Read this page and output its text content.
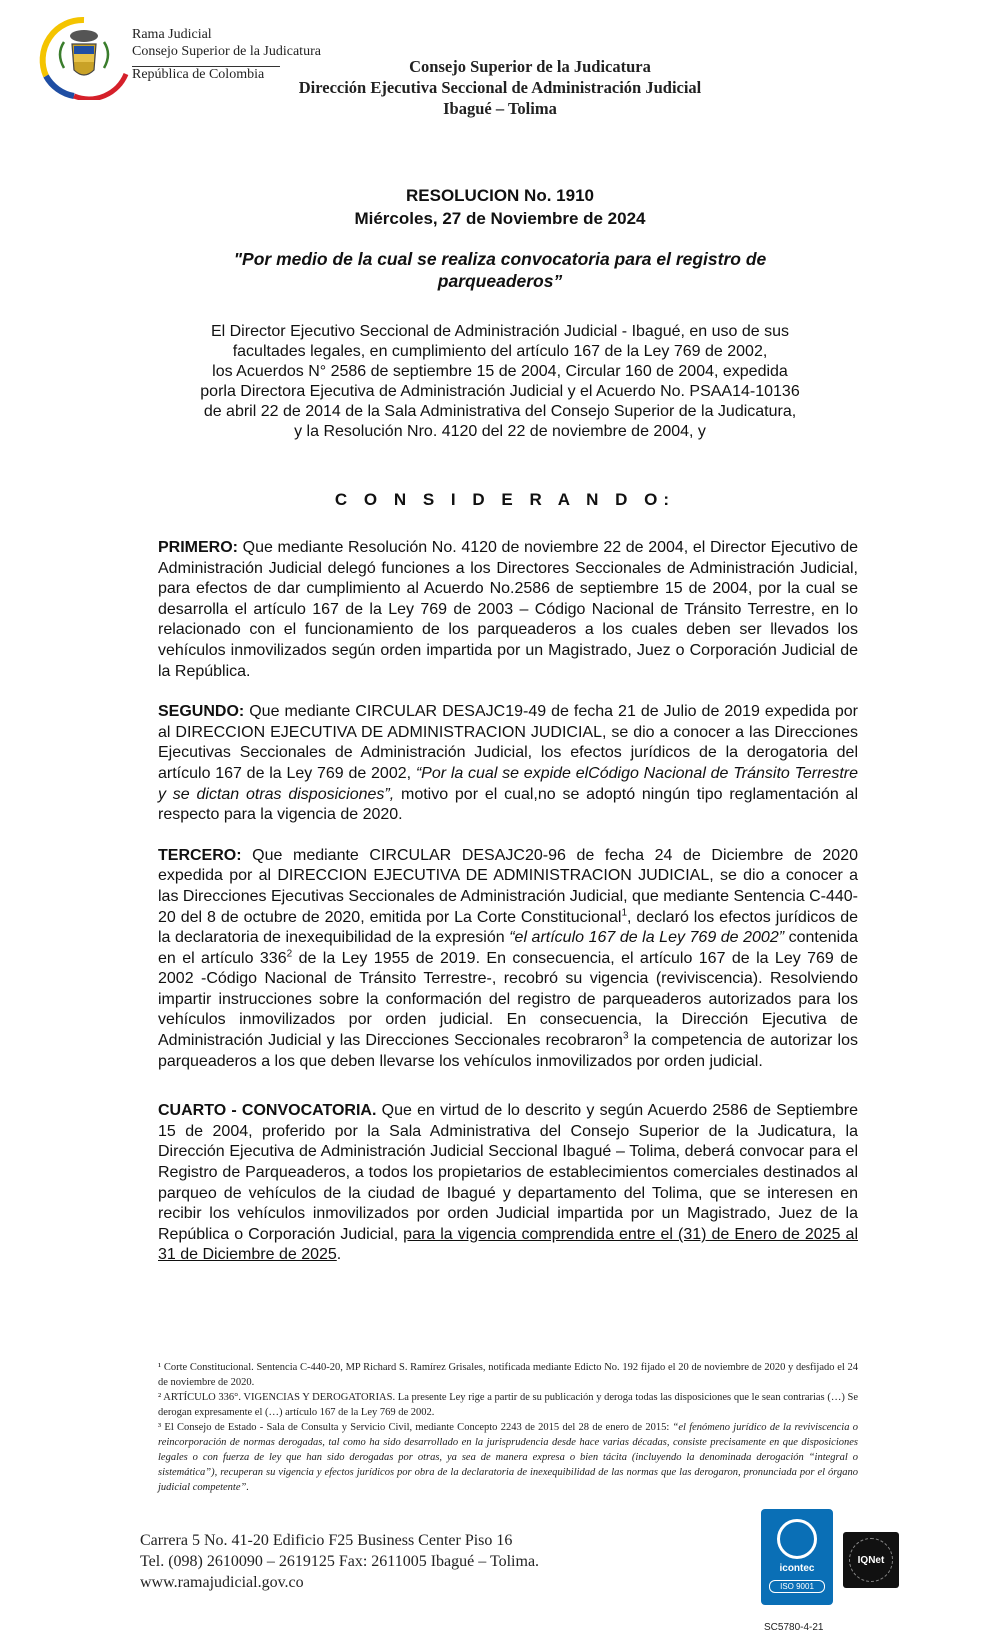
Rama Judicial
Consejo Superior de la Judicatura
República de Colombia	Consejo Superior de la Judicatura
Dirección Ejecutiva Seccional de Administración Judicial
Ibagué – Tolima
RESOLUCION No. 1910
Miércoles, 27 de Noviembre de 2024
"Por medio de la cual se realiza convocatoria para el registro de parqueaderos”
El Director Ejecutivo Seccional de Administración Judicial - Ibagué, en uso de sus
facultades legales, en cumplimiento del artículo 167 de la Ley 769 de 2002,
los Acuerdos N° 2586 de septiembre 15 de 2004, Circular 160 de 2004, expedida
porla Directora Ejecutiva de Administración Judicial y el Acuerdo No. PSAA14-10136
de abril 22 de 2014 de la Sala Administrativa del Consejo Superior de la Judicatura,
y la Resolución Nro. 4120 del 22 de noviembre de 2004, y
C O N S I D E R A N D O:

PRIMERO: Que mediante Resolución No. 4120 de noviembre 22 de 2004, el Director Ejecutivo de Administración Judicial delegó funciones a los Directores Seccionales de Administración Judicial, para efectos de dar cumplimiento al Acuerdo No.2586 de septiembre 15 de 2004, por la cual se desarrolla el artículo 167 de la Ley 769 de 2003 – Código Nacional de Tránsito Terrestre, en lo relacionado con el funcionamiento de los parqueaderos a los cuales deben ser llevados los vehículos inmovilizados según orden impartida por un Magistrado, Juez o Corporación Judicial de la República.

SEGUNDO: Que mediante CIRCULAR DESAJC19-49 de fecha 21 de Julio de 2019 expedida por al DIRECCION EJECUTIVA DE ADMINISTRACION JUDICIAL, se dio a conocer a las Direcciones Ejecutivas Seccionales de Administración Judicial, los efectos jurídicos de la derogatoria del artículo 167 de la Ley 769 de 2002, “Por la cual se expide elCódigo Nacional de Tránsito Terrestre y se dictan otras disposiciones”, motivo por el cual,no se adoptó ningún tipo reglamentación al respecto para la vigencia de 2020.

TERCERO: Que mediante CIRCULAR DESAJC20-96 de fecha 24 de Diciembre de 2020 expedida por al DIRECCION EJECUTIVA DE ADMINISTRACION JUDICIAL, se dio a conocer a las Direcciones Ejecutivas Seccionales de Administración Judicial, que mediante Sentencia C-440-20 del 8 de octubre de 2020, emitida por La Corte Constitucional$^1$, declaró los efectos jurídicos de la declaratoria de inexequibilidad de la expresión “el artículo 167 de la Ley 769 de 2002” contenida en el artículo $336^2$ de la Ley 1955 de 2019. En consecuencia, el artículo 167 de la Ley 769 de 2002 -Código Nacional de Tránsito Terrestre-, recobró su vigencia (reviviscencia). Resolviendo impartir instrucciones sobre la conformación del registro de parqueaderos autorizados para los vehículos inmovilizados por orden judicial. En consecuencia, la Dirección Ejecutiva de Administración Judicial y las Direcciones Seccionales recobraron$^3$ la competencia de autorizar los parqueaderos a los que deben llevarse los vehículos inmovilizados por orden judicial.

CUARTO - CONVOCATORIA. Que en virtud de lo descrito y según Acuerdo 2586 de Septiembre 15 de 2004, proferido por la Sala Administrativa del Consejo Superior de la Judicatura, la Dirección Ejecutiva de Administración Judicial Seccional Ibagué – Tolima, deberá convocar para el Registro de Parqueaderos, a todos los propietarios de establecimientos comerciales destinados al parqueo de vehículos de la ciudad de Ibagué y departamento del Tolima, que se interesen en recibir los vehículos inmovilizados por orden Judicial impartida por un Magistrado, Juez de la República o Corporación Judicial, para la vigencia comprendida entre el (31) de Enero de 2025 al 31 de Diciembre de 2025.

¹ Corte Constitucional. Sentencia C-440-20, MP Richard S. Ramírez Grisales, notificada mediante Edicto No. 192 fijado el 20 de noviembre de 2020 y desfijado el 24 de noviembre de 2020.

² ARTÍCULO 336°. VIGENCIAS Y DEROGATORIAS. La presente Ley rige a partir de su publicación y deroga todas las disposiciones que le sean contrarias (…) Se derogan expresamente el (…) artículo 167 de la Ley 769 de 2002.

³ El Consejo de Estado - Sala de Consulta y Servicio Civil, mediante Concepto 2243 de 2015 del 28 de enero de 2015: “el fenómeno jurídico de la reviviscencia o reincorporación de normas derogadas, tal como ha sido desarrollado en la jurisprudencia desde hace varias décadas, consiste precisamente en que disposiciones legales o con fuerza de ley que han sido derogadas por otras, ya sea de manera expresa o bien tácita (incluyendo la denominada derogación “integral o sistemática”), recuperan su vigencia y efectos jurídicos por obra de la declaratoria de inexequibilidad de las normas que las derogaron, pronunciada por el órgano judicial competente”.

Carrera 5 No. 41-20 Edificio F25 Business Center Piso 16
Tel. (098) 2610090 – 2619125 Fax: 2611005 Ibagué – Tolima.
www.ramajudicial.gov.co
icontec
ISO 9001
IQNet
SC5780-4-21
